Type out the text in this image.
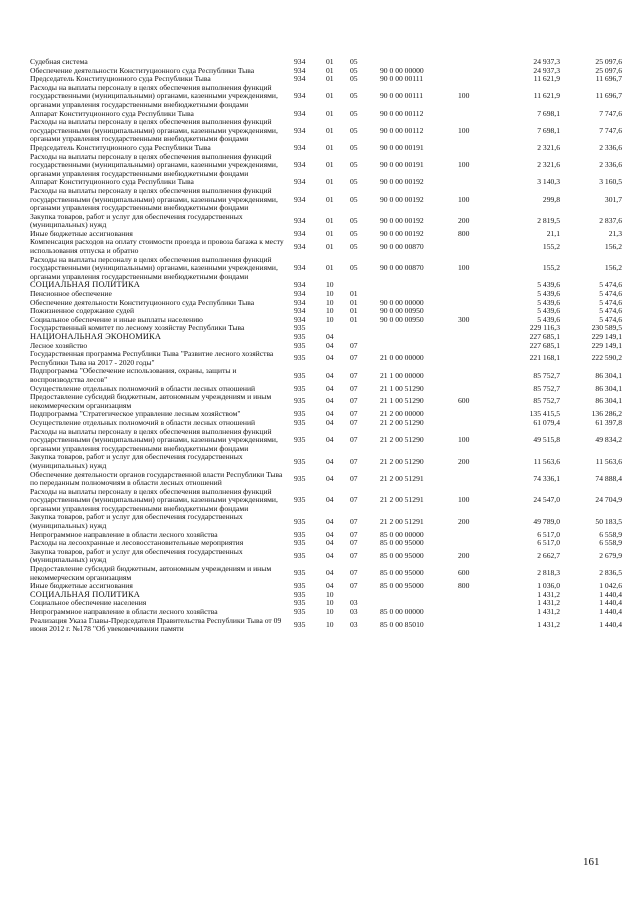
Судебная система	934	01	05			24 937,3	25 097,6
Обеспечение деятельности Конституционного суда Республики Тыва	934	01	05	90 0 00 00000		24 937,3	25 097,6
Председатель Конституционного суда Республики Тыва	934	01	05	90 0 00 00111		11 621,9	11 696,7
Расходы на выплаты персоналу в целях обеспечения выполнения функций государственными (муниципальными) органами, казенными учреждениями, органами управления государственными внебюджетными фондами	934	01	05	90 0 00 00111	100	11 621,9	11 696,7
Аппарат Конституционного суда Республики Тыва	934	01	05	90 0 00 00112		7 698,1	7 747,6
Расходы на выплаты персоналу в целях обеспечения выполнения функций государственными (муниципальными) органами, казенными учреждениями, органами управления государственными внебюджетными фондами	934	01	05	90 0 00 00112	100	7 698,1	7 747,6
Председатель Конституционного суда Республики Тыва	934	01	05	90 0 00 00191		2 321,6	2 336,6
Расходы на выплаты персоналу в целях обеспечения выполнения функций государственными (муниципальными) органами, казенными учреждениями, органами управления государственными внебюджетными фондами	934	01	05	90 0 00 00191	100	2 321,6	2 336,6
Аппарат Конституционного суда Республики Тыва	934	01	05	90 0 00 00192		3 140,3	3 160,5
Расходы на выплаты персоналу в целях обеспечения выполнения функций государственными (муниципальными) органами, казенными учреждениями, органами управления государственными внебюджетными фондами	934	01	05	90 0 00 00192	100	299,8	301,7
Закупка товаров, работ и услуг для обеспечения государственных (муниципальных) нужд	934	01	05	90 0 00 00192	200	2 819,5	2 837,6
Иные бюджетные ассигнования	934	01	05	90 0 00 00192	800	21,1	21,3
Компенсация расходов на оплату стоимости проезда и провоза багажа к месту использования отпуска и обратно	934	01	05	90 0 00 00870		155,2	156,2
Расходы на выплаты персоналу в целях обеспечения выполнения функций государственными (муниципальными) органами, казенными учреждениями, органами управления государственными внебюджетными фондами	934	01	05	90 0 00 00870	100	155,2	156,2
СОЦИАЛЬНАЯ ПОЛИТИКА	934	10				5 439,6	5 474,6
Пенсионное обеспечение	934	10	01			5 439,6	5 474,6
Обеспечение деятельности Конституционного суда Республики Тыва	934	10	01	90 0 00 00000		5 439,6	5 474,6
Пожизненное содержание судей	934	10	01	90 0 00 00950		5 439,6	5 474,6
Социальное обеспечение и иные выплаты населению	934	10	01	90 0 00 00950	300	5 439,6	5 474,6
Государственный комитет по лесному хозяйству Республики Тыва	935					229 116,3	230 589,5
НАЦИОНАЛЬНАЯ ЭКОНОМИКА	935	04				227 685,1	229 149,1
Лесное хозяйство	935	04	07			227 685,1	229 149,1
Государственная программа Республики Тыва "Развитие лесного хозяйства Республики Тыва на 2017 - 2020 годы"	935	04	07	21 0 00 00000		221 168,1	222 590,2
Подпрограмма "Обеспечение использования, охраны, защиты и воспроизводства лесов"	935	04	07	21 1 00 00000		85 752,7	86 304,1
Осуществление отдельных полномочий в области лесных отношений	935	04	07	21 1 00 51290		85 752,7	86 304,1
Предоставление субсидий бюджетным, автономным учреждениям и иным некоммерческим организациям	935	04	07	21 1 00 51290	600	85 752,7	86 304,1
Подпрограмма "Стратегическое управление лесным хозяйством"	935	04	07	21 2 00 00000		135 415,5	136 286,2
Осуществление отдельных полномочий в области лесных отношений	935	04	07	21 2 00 51290		61 079,4	61 397,8
Расходы на выплаты персоналу в целях обеспечения выполнения функций государственными (муниципальными) органами, казенными учреждениями, органами управления государственными внебюджетными фондами	935	04	07	21 2 00 51290	100	49 515,8	49 834,2
Закупка товаров, работ и услуг для обеспечения государственных (муниципальных) нужд	935	04	07	21 2 00 51290	200	11 563,6	11 563,6
Обеспечение деятельности органов государственной власти Республики Тыва по переданным полномочиям в области лесных отношений	935	04	07	21 2 00 51291		74 336,1	74 888,4
Расходы на выплаты персоналу в целях обеспечения выполнения функций государственными (муниципальными) органами, казенными учреждениями, органами управления государственными внебюджетными фондами	935	04	07	21 2 00 51291	100	24 547,0	24 704,9
Закупка товаров, работ и услуг для обеспечения государственных (муниципальных) нужд	935	04	07	21 2 00 51291	200	49 789,0	50 183,5
Непрограммное направление в области лесного хозяйства	935	04	07	85 0 00 00000		6 517,0	6 558,9
Расходы на лесоохранные и лесовосстановительные мероприятия	935	04	07	85 0 00 95000		6 517,0	6 558,9
Закупка товаров, работ и услуг для обеспечения государственных (муниципальных) нужд	935	04	07	85 0 00 95000	200	2 662,7	2 679,9
Предоставление субсидий бюджетным, автономным учреждениям и иным некоммерческим организациям	935	04	07	85 0 00 95000	600	2 818,3	2 836,5
Иные бюджетные ассигнования	935	04	07	85 0 00 95000	800	1 036,0	1 042,6
СОЦИАЛЬНАЯ ПОЛИТИКА	935	10				1 431,2	1 440,4
Социальное обеспечение населения	935	10	03			1 431,2	1 440,4
Непрограммное направление в области лесного хозяйства	935	10	03	85 0 00 00000		1 431,2	1 440,4
Реализация Указа Главы-Председателя Правительства Республики Тыва от 09 июня 2012 г. №178 "Об увековечивании памяти	935	10	03	85 0 00 85010		1 431,2	1 440,4
161
